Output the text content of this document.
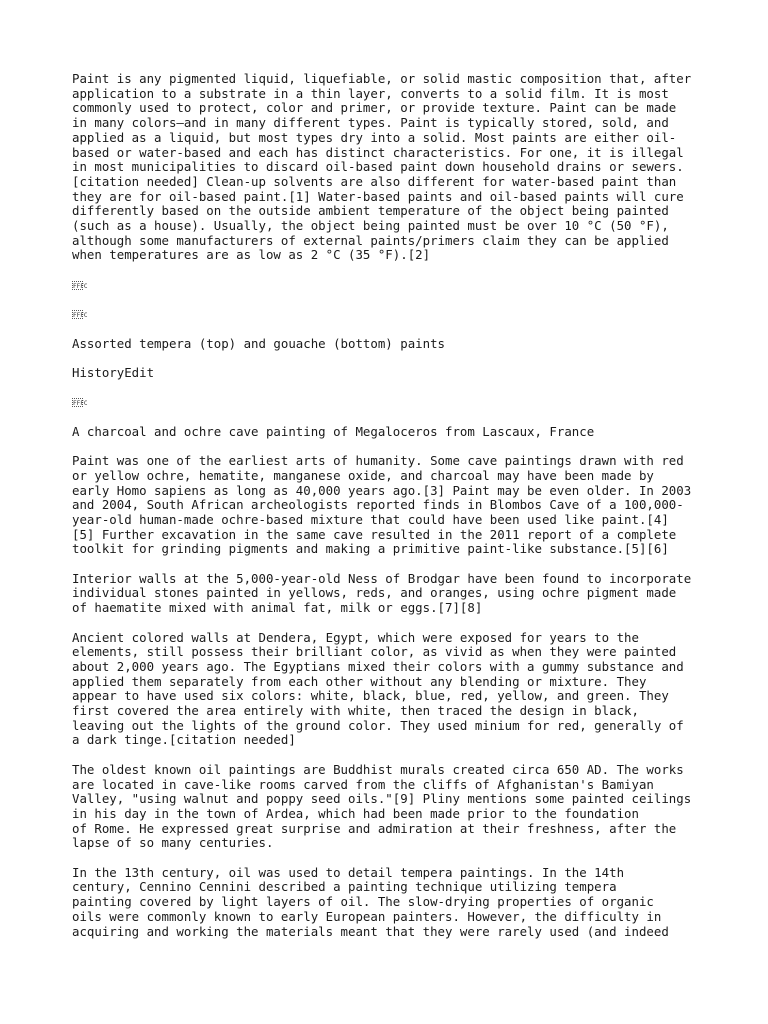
Paint is any pigmented liquid, liquefiable, or solid mastic composition that, after
application to a substrate in a thin layer, converts to a solid film. It is most
commonly used to protect, color and primer, or provide texture. Paint can be made
in many colors—and in many different types. Paint is typically stored, sold, and
applied as a liquid, but most types dry into a solid. Most paints are either oil-
based or water-based and each has distinct characteristics. For one, it is illegal
in most municipalities to discard oil-based paint down household drains or sewers.
[citation needed] Clean-up solvents are also different for water-based paint than
they are for oil-based paint.[1] Water-based paints and oil-based paints will cure
differently based on the outside ambient temperature of the object being painted
(such as a house). Usually, the object being painted must be over 10 °C (50 °F),
although some manufacturers of external paints/primers claim they can be applied
when temperatures are as low as 2 °C (35 °F).[2]

FFFC
FFFC

Assorted tempera (top) and gouache (bottom) paints

HistoryEdit

FFFC

A charcoal and ochre cave painting of Megaloceros from Lascaux, France

Paint was one of the earliest arts of humanity. Some cave paintings drawn with red
or yellow ochre, hematite, manganese oxide, and charcoal may have been made by
early Homo sapiens as long as 40,000 years ago.[3] Paint may be even older. In 2003
and 2004, South African archeologists reported finds in Blombos Cave of a 100,000-
year-old human-made ochre-based mixture that could have been used like paint.[4]
[5] Further excavation in the same cave resulted in the 2011 report of a complete
toolkit for grinding pigments and making a primitive paint-like substance.[5][6]

Interior walls at the 5,000-year-old Ness of Brodgar have been found to incorporate
individual stones painted in yellows, reds, and oranges, using ochre pigment made
of haematite mixed with animal fat, milk or eggs.[7][8]

Ancient colored walls at Dendera, Egypt, which were exposed for years to the
elements, still possess their brilliant color, as vivid as when they were painted
about 2,000 years ago. The Egyptians mixed their colors with a gummy substance and
applied them separately from each other without any blending or mixture. They
appear to have used six colors: white, black, blue, red, yellow, and green. They
first covered the area entirely with white, then traced the design in black,
leaving out the lights of the ground color. They used minium for red, generally of
a dark tinge.[citation needed]

The oldest known oil paintings are Buddhist murals created circa 650 AD. The works
are located in cave-like rooms carved from the cliffs of Afghanistan's Bamiyan
Valley, "using walnut and poppy seed oils."[9] Pliny mentions some painted ceilings
in his day in the town of Ardea, which had been made prior to the foundation
of Rome. He expressed great surprise and admiration at their freshness, after the
lapse of so many centuries.

In the 13th century, oil was used to detail tempera paintings. In the 14th
century, Cennino Cennini described a painting technique utilizing tempera
painting covered by light layers of oil. The slow-drying properties of organic
oils were commonly known to early European painters. However, the difficulty in
acquiring and working the materials meant that they were rarely used (and indeed
